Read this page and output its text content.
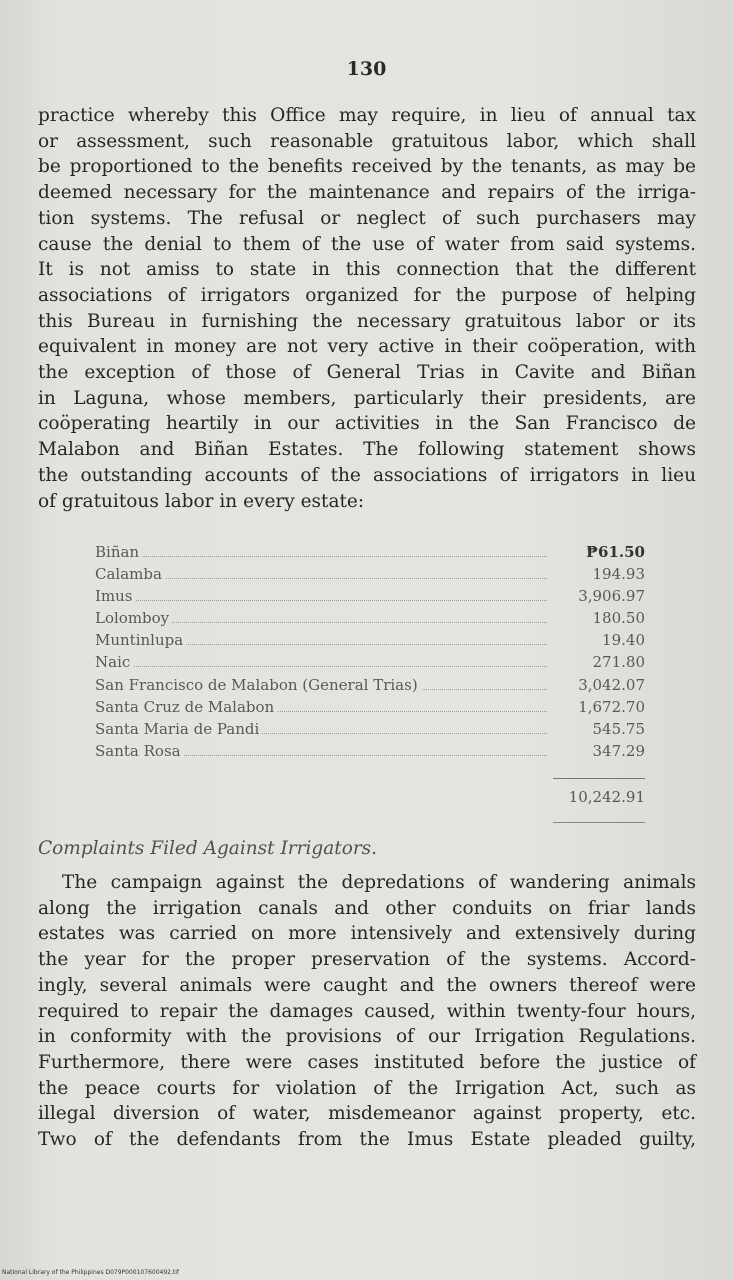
130
practice whereby this Office may require, in lieu of annual tax
or assessment, such reasonable gratuitous labor, which shall
be proportioned to the benefits received by the tenants, as may be
deemed necessary for the maintenance and repairs of the irriga-
tion systems. The refusal or neglect of such purchasers may
cause the denial to them of the use of water from said systems.
It is not amiss to state in this connection that the different
associations of irrigators organized for the purpose of helping
this Bureau in furnishing the necessary gratuitous labor or its
equivalent in money are not very active in their coöperation, with
the exception of those of General Trias in Cavite and Biñan
in Laguna, whose members, particularly their presidents, are
coöperating heartily in our activities in the San Francisco de
Malabon and Biñan Estates. The following statement shows
the outstanding accounts of the associations of irrigators in lieu
of gratuitous labor in every estate:
Biñan	₱61.50
Calamba	194.93
Imus	3,906.97
Lolomboy	180.50
Muntinlupa	19.40
Naic	271.80
San Francisco de Malabon (General Trias)	3,042.07
Santa Cruz de Malabon	1,672.70
Santa Maria de Pandi	545.75
Santa Rosa	347.29
10,242.91
Complaints Filed Against Irrigators.
The campaign against the depredations of wandering animals
along the irrigation canals and other conduits on friar lands
estates was carried on more intensively and extensively during
the year for the proper preservation of the systems. Accord-
ingly, several animals were caught and the owners thereof were
required to repair the damages caused, within twenty-four hours,
in conformity with the provisions of our Irrigation Regulations.
Furthermore, there were cases instituted before the justice of
the peace courts for violation of the Irrigation Act, such as
illegal diversion of water, misdemeanor against property, etc.
Two of the defendants from the Imus Estate pleaded guilty,
National Library of the Philippines D079P000107600492.tif
